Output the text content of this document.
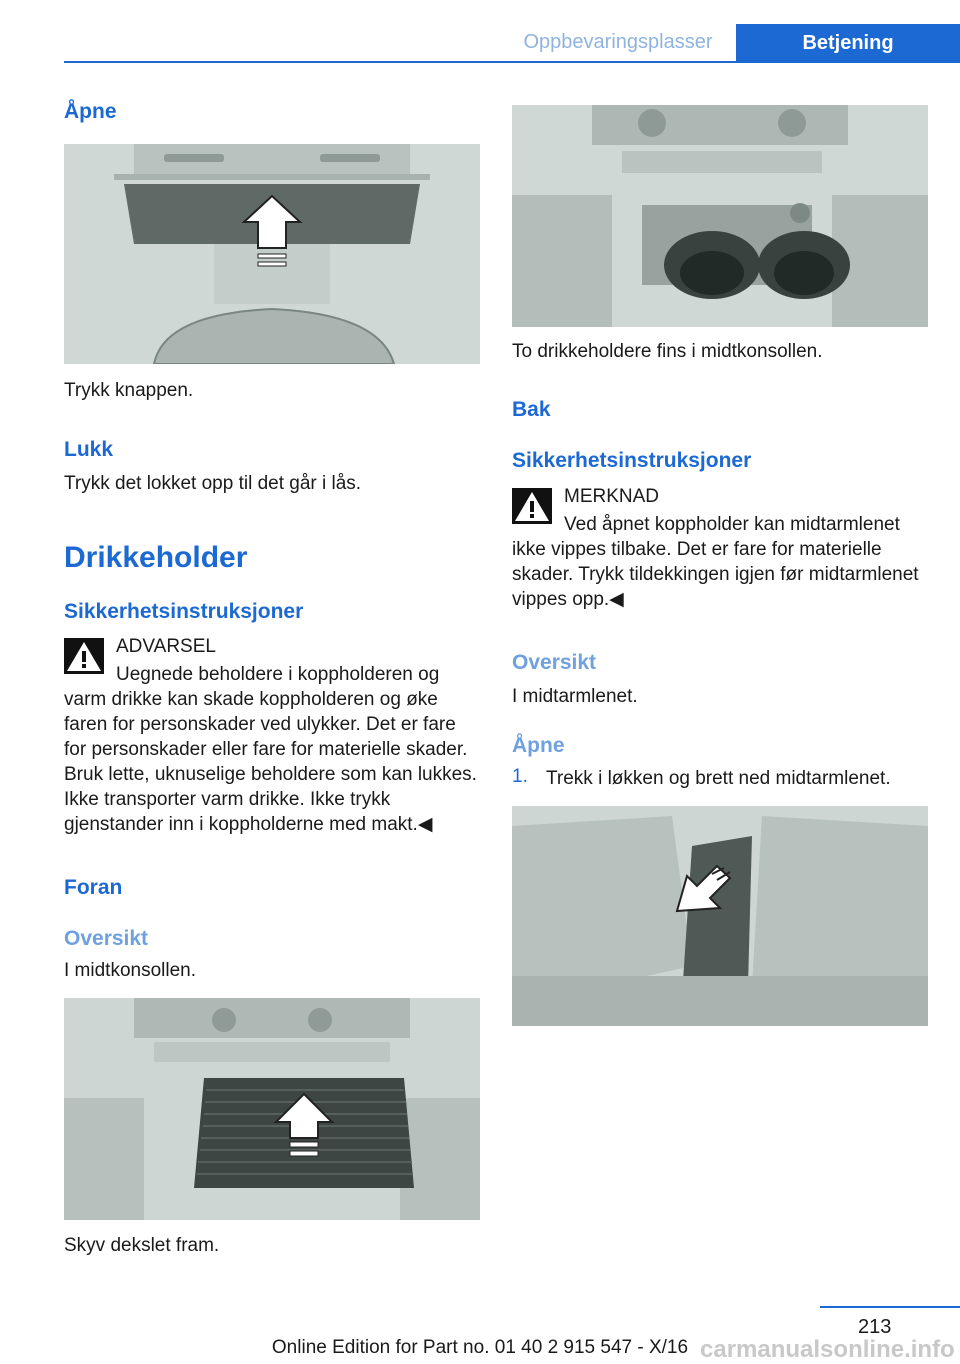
Oppbevaringsplasser	Betjening
Åpne

Trykk knappen.

Lukk

Trykk det lokket opp til det går i lås.

Drikkeholder
Sikkerhetsinstruksjoner
ADVARSEL

Uegnede beholdere i koppholderen og varm drikke kan skade koppholderen og øke faren for personskader ved ulykker. Det er fare for personskader eller fare for materielle skader. Bruk lette, uknuselige beholdere som kan lukkes. Ikke transporter varm drikke. Ikke trykk gjenstander inn i koppholderne med makt.◀

Foran
Oversikt

I midtkonsollen.

Skyv dekslet fram.

To drikkeholdere fins i midtkonsollen.

Bak
Sikkerhetsinstruksjoner
MERKNAD

Ved åpnet koppholder kan midtarmlenet ikke vippes tilbake. Det er fare for materielle skader. Trykk tildekkingen igjen før midtarmlenet vippes opp.◀

Oversikt

I midtarmlenet.

Åpne
1. Trekk i løkken og brett ned midtarmlenet.

213
Online Edition for Part no. 01 40 2 915 547 - X/16 carmanualsonline.info
